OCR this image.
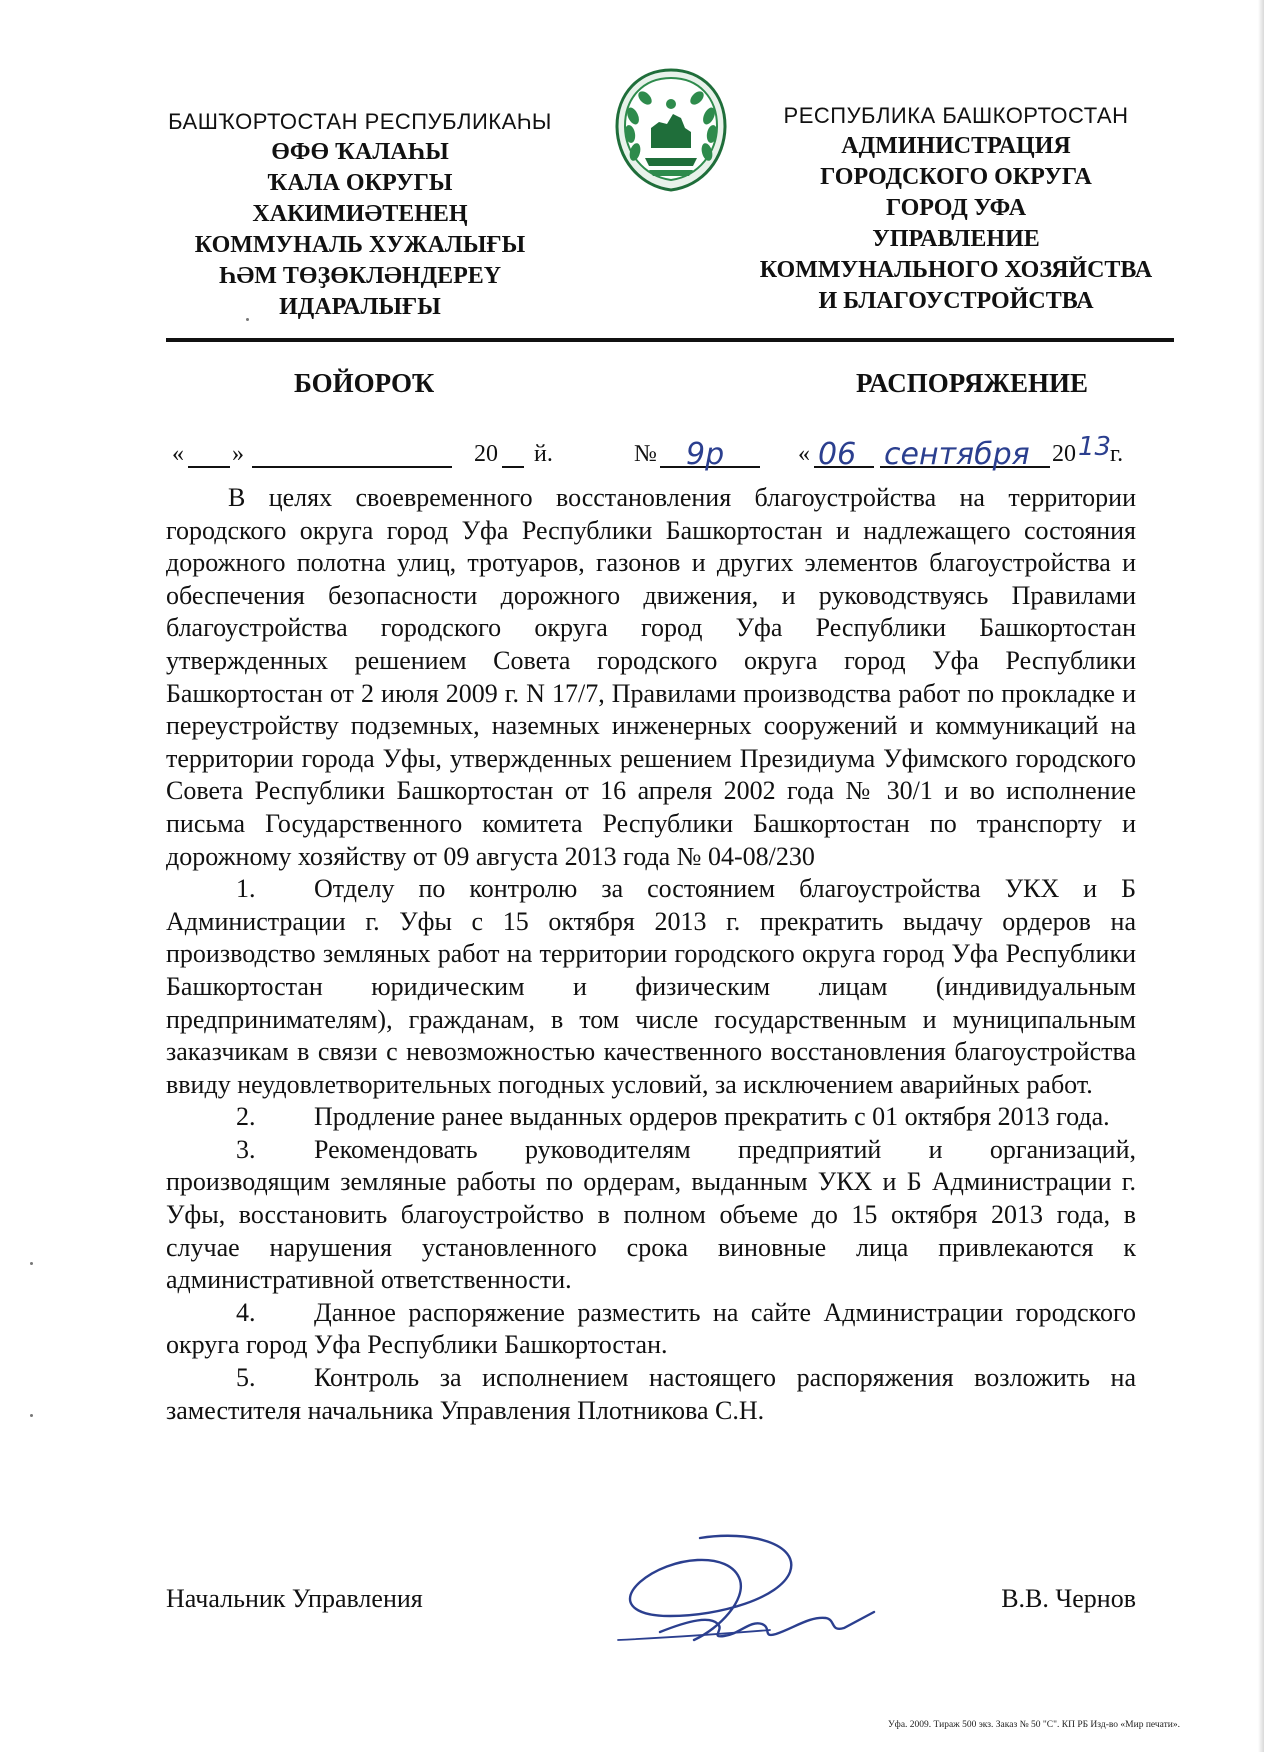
БАШҠОРТОСТАН РЕСПУБЛИКАҺЫ
ӨФӨ ҠАЛАҺЫ
ҠАЛА ОКРУГЫ
ХАКИМИӘТЕНЕҢ
КОММУНАЛЬ ХУЖАЛЫҒЫ
ҺӘМ ТӨҘӨКЛӘНДЕРЕҮ
ИДАРАЛЫҒЫ
РЕСПУБЛИКА БАШКОРТОСТАН
АДМИНИСТРАЦИЯ
ГОРОДСКОГО ОКРУГА
ГОРОД УФА
УПРАВЛЕНИЕ
КОММУНАЛЬНОГО ХОЗЯЙСТВА
И БЛАГОУСТРОЙСТВА
БОЙОРОҠ	РАСПОРЯЖЕНИЕ
« »	20 й.	№ 9р	« 06 сентября 20 13
г.

В целях своевременного восстановления благоустройства на территории городского округа город Уфа Республики Башкортостан и надлежащего состояния дорожного полотна улиц, тротуаров, газонов и других элементов благоустройства и обеспечения безопасности дорожного движения, и руководствуясь Правилами благоустройства городского округа город Уфа Республики Башкортостан утвержденных решением Совета городского округа город Уфа Республики Башкортостан от 2 июля 2009 г. N 17/7, Правилами производства работ по прокладке и переустройству подземных, наземных инженерных сооружений и коммуникаций на территории города Уфы, утвержденных решением Президиума Уфимского городского Совета Республики Башкортостан от 16 апреля 2002 года № 30/1 и во исполнение письма Государственного комитета Республики Башкортостан по транспорту и дорожному хозяйству от 09 августа 2013 года № 04-08/230

1. Отделу по контролю за состоянием благоустройства УКХ и Б Администрации г. Уфы с 15 октября 2013 г. прекратить выдачу ордеров на производство земляных работ на территории городского округа город Уфа Республики Башкортостан юридическим и физическим лицам (индивидуальным предпринимателям), гражданам, в том числе государственным и муниципальным заказчикам в связи с невозможностью качественного восстановления благоустройства ввиду неудовлетворительных погодных условий, за исключением аварийных работ.

2. Продление ранее выданных ордеров прекратить с 01 октября 2013 года.

3. Рекомендовать руководителям предприятий и организаций, производящим земляные работы по ордерам, выданным УКХ и Б Администрации г. Уфы, восстановить благоустройство в полном объеме до 15 октября 2013 года, в случае нарушения установленного срока виновные лица привлекаются к административной ответственности.

4. Данное распоряжение разместить на сайте Администрации городского округа город Уфа Республики Башкортостан.

5. Контроль за исполнением настоящего распоряжения возложить на заместителя начальника Управления Плотникова С.Н.

Начальник Управления	В.В. Чернов
Уфа. 2009. Тираж 500 экз. Заказ № 50 "С". КП РБ Изд-во «Мир печати».
